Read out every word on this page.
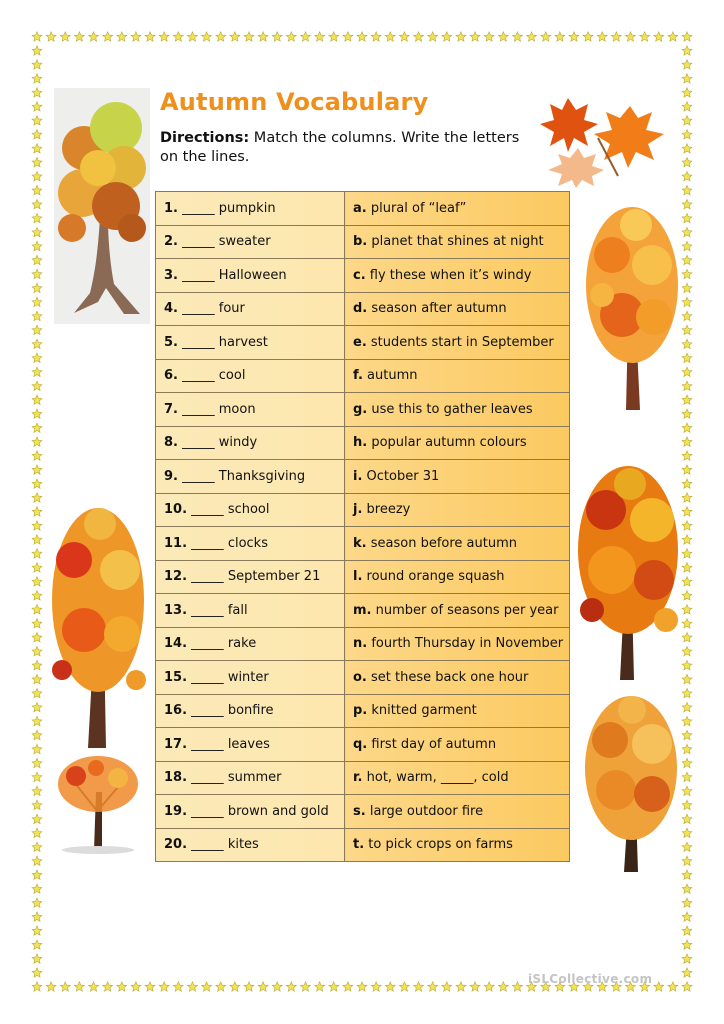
Autumn Vocabulary
Directions: Match the columns. Write the letters on the lines.
1. _____ pumpkin	a. plural of “leaf”
2. _____ sweater	b. planet that shines at night
3. _____ Halloween	c. fly these when it’s windy
4. _____ four	d. season after autumn
5. _____ harvest	e. students start in September
6. _____ cool	f. autumn
7. _____ moon	g. use this to gather leaves
8. _____ windy	h. popular autumn colours
9. _____ Thanksgiving	i. October 31
10. _____ school	j. breezy
11. _____ clocks	k. season before autumn
12. _____ September 21	l. round orange squash
13. _____ fall	m. number of seasons per year
14. _____ rake	n. fourth Thursday in November
15. _____ winter	o. set these back one hour
16. _____ bonfire	p. knitted garment
17. _____ leaves	q. first day of autumn
18. _____ summer	r. hot, warm, _____, cold
19. _____ brown and gold	s. large outdoor fire
20. _____ kites	t. to pick crops on farms
iSLCollective.com
